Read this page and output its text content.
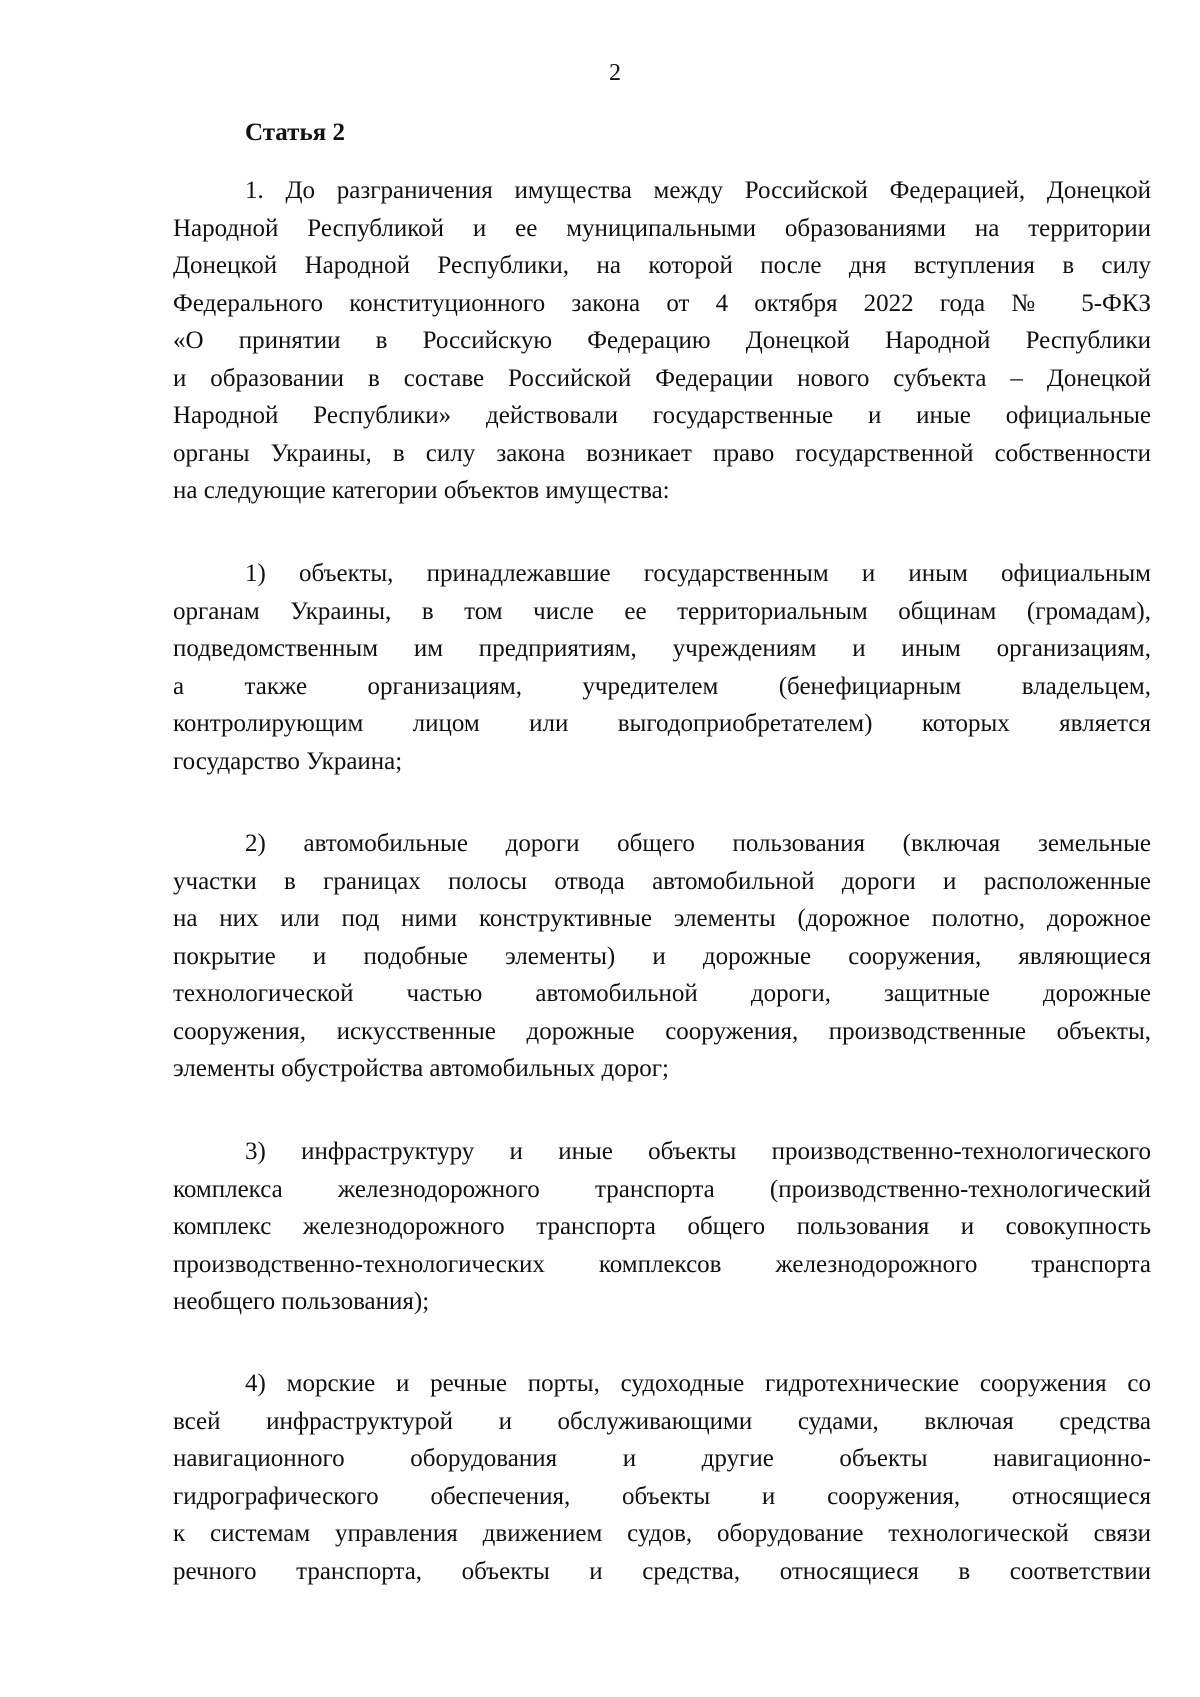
2
Статья 2
1. До разграничения имущества между Российской Федерацией, Донецкой
Народной Республикой и ее муниципальными образованиями на территории
Донецкой Народной Республики, на которой после дня вступления в силу
Федерального конституционного закона от 4 октября 2022 года № 5-ФКЗ
«О принятии в Российскую Федерацию Донецкой Народной Республики
и образовании в составе Российской Федерации нового субъекта – Донецкой
Народной Республики» действовали государственные и иные официальные
органы Украины, в силу закона возникает право государственной собственности
на следующие категории объектов имущества:
1) объекты, принадлежавшие государственным и иным официальным
органам Украины, в том числе ее территориальным общинам (громадам),
подведомственным им предприятиям, учреждениям и иным организациям,
а также организациям, учредителем (бенефициарным владельцем,
контролирующим лицом или выгодоприобретателем) которых является
государство Украина;
2) автомобильные дороги общего пользования (включая земельные
участки в границах полосы отвода автомобильной дороги и расположенные
на них или под ними конструктивные элементы (дорожное полотно, дорожное
покрытие и подобные элементы) и дорожные сооружения, являющиеся
технологической частью автомобильной дороги, защитные дорожные
сооружения, искусственные дорожные сооружения, производственные объекты,
элементы обустройства автомобильных дорог;
3) инфраструктуру и иные объекты производственно-технологического
комплекса железнодорожного транспорта (производственно-технологический
комплекс железнодорожного транспорта общего пользования и совокупность
производственно-технологических комплексов железнодорожного транспорта
необщего пользования);
4) морские и речные порты, судоходные гидротехнические сооружения со
всей инфраструктурой и обслуживающими судами, включая средства
навигационного оборудования и другие объекты навигационно-
гидрографического обеспечения, объекты и сооружения, относящиеся
к системам управления движением судов, оборудование технологической связи
речного транспорта, объекты и средства, относящиеся в соответствии
